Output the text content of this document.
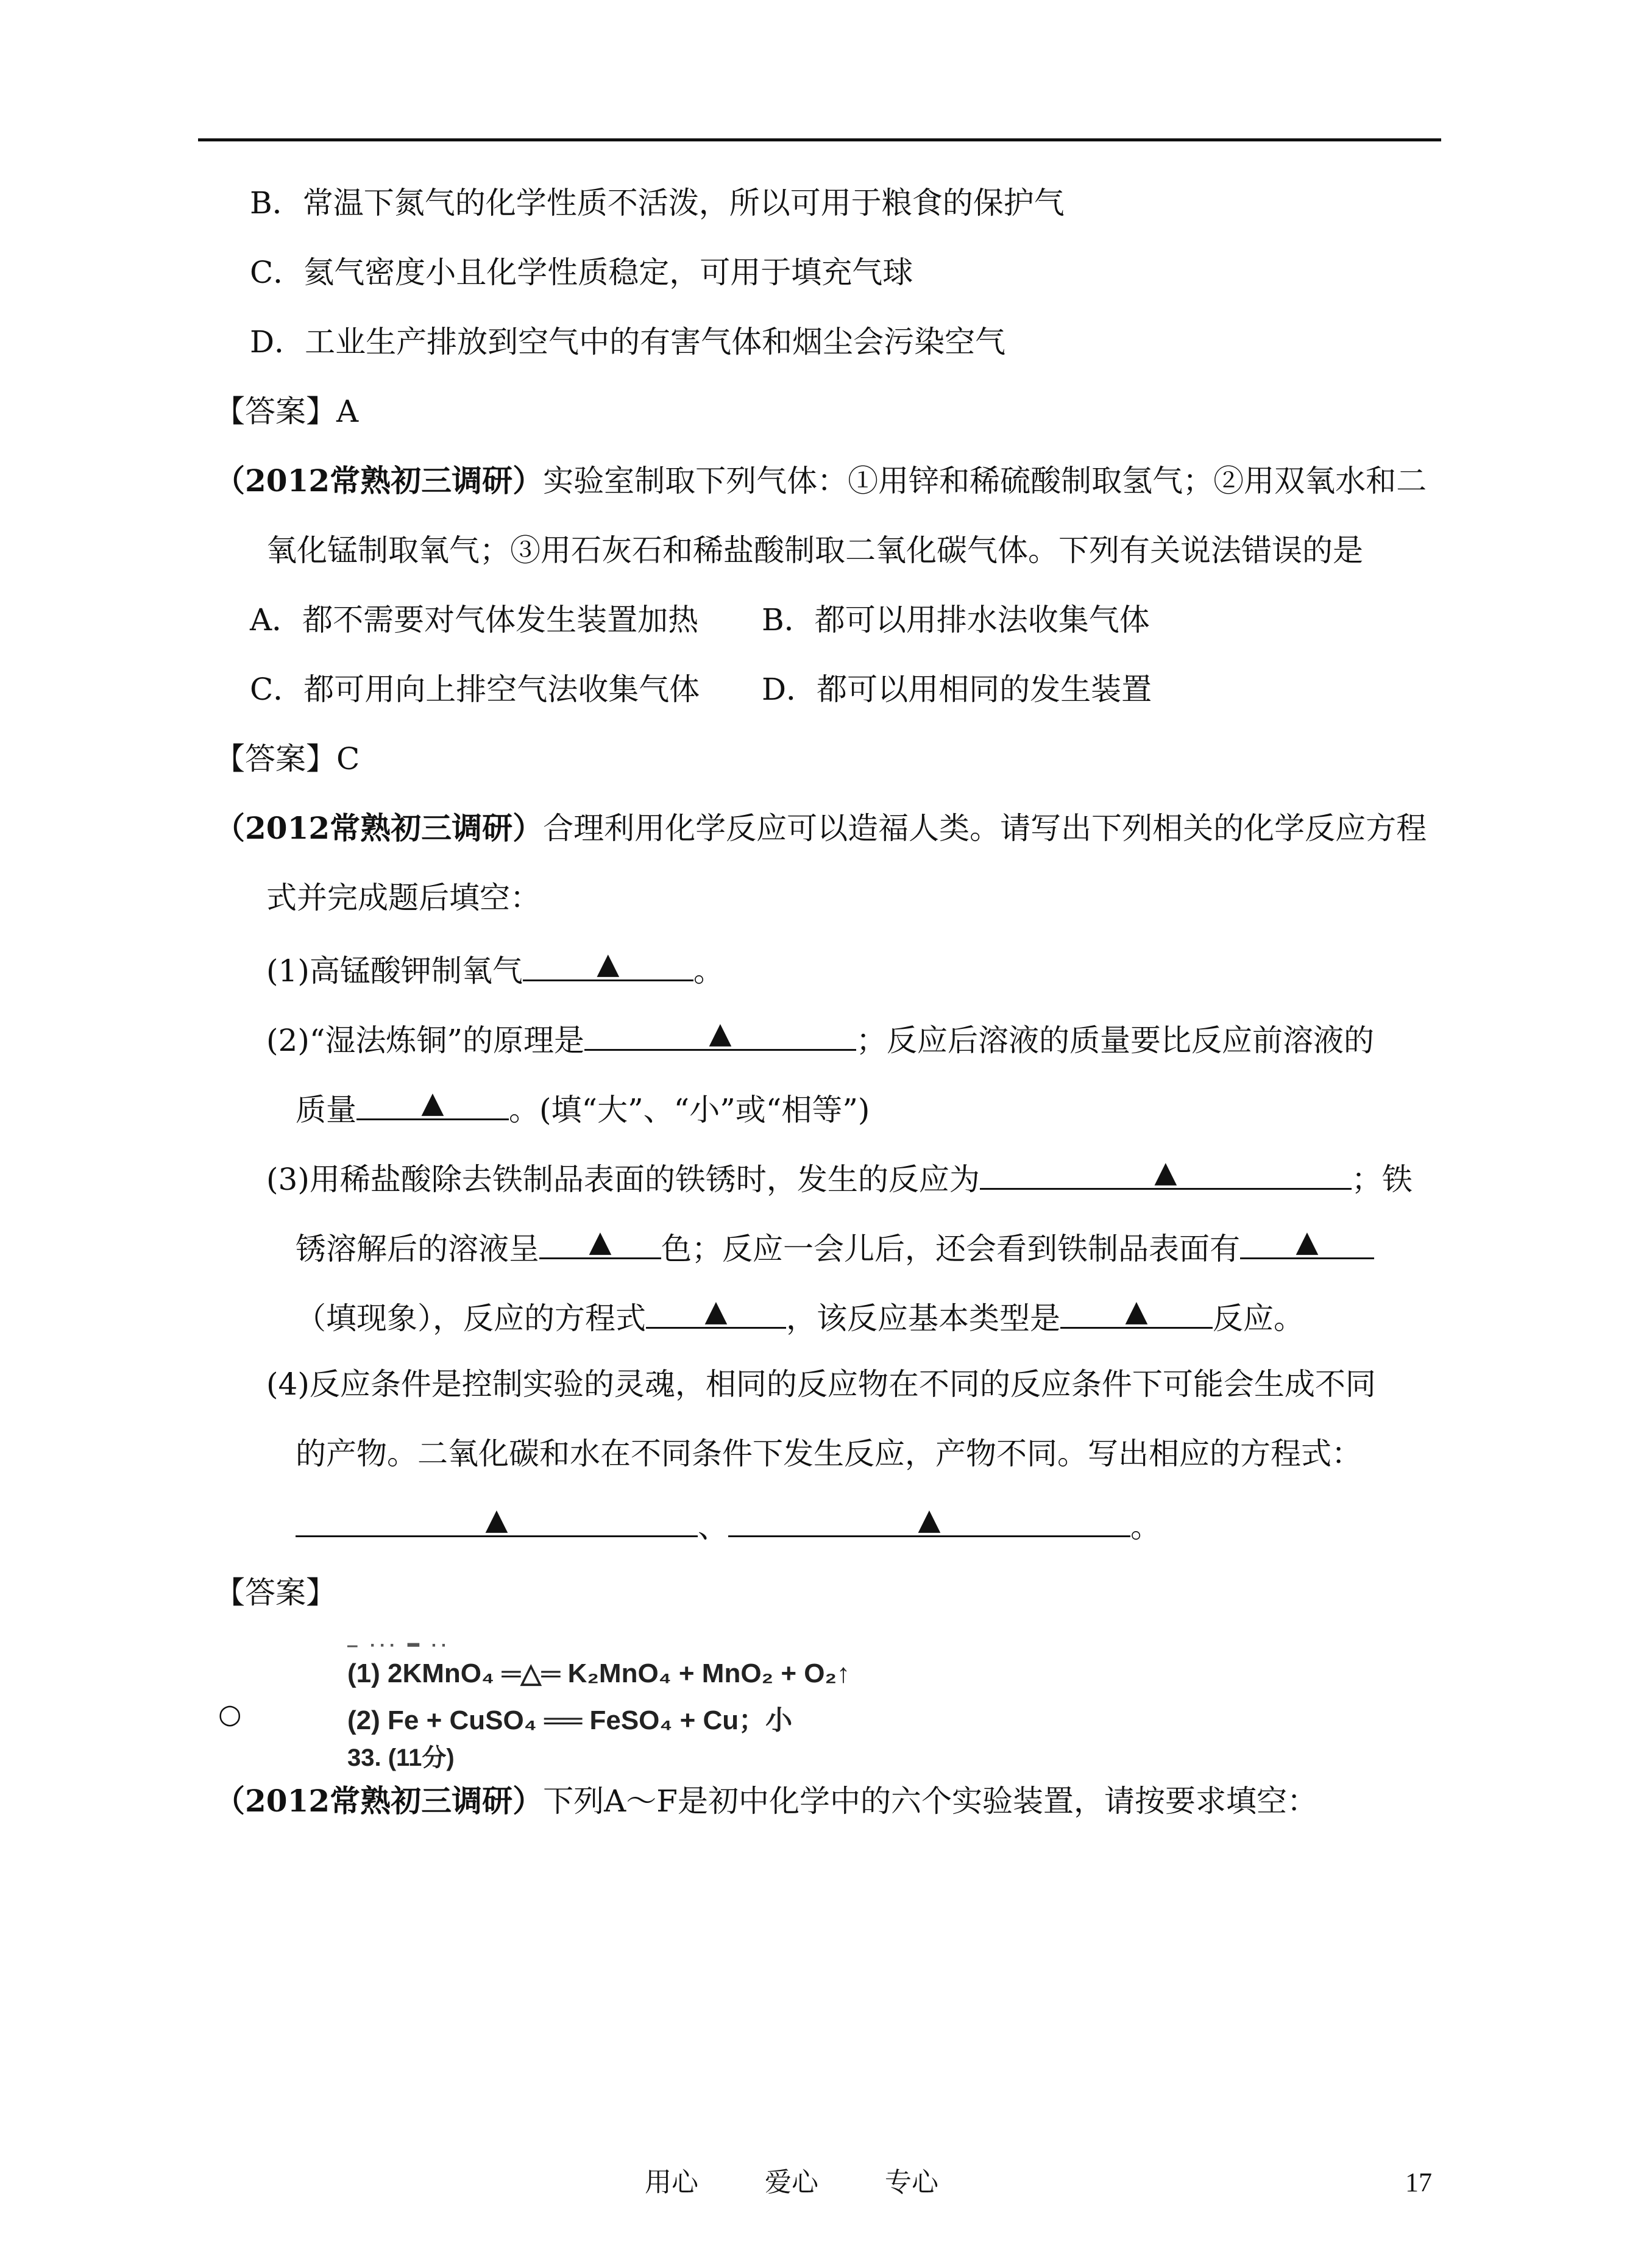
B．常温下氮气的化学性质不活泼，所以可用于粮食的保护气
C．氦气密度小且化学性质稳定，可用于填充气球
D．工业生产排放到空气中的有害气体和烟尘会污染空气
【答案】A
（2012常熟初三调研）实验室制取下列气体：①用锌和稀硫酸制取氢气；②用双氧水和二
氧化锰制取氧气；③用石灰石和稀盐酸制取二氧化碳气体。下列有关说法错误的是
A．都不需要对气体发生装置加热 B．都可以用排水法收集气体
C．都可用向上排空气法收集气体 D．都可以用相同的发生装置
【答案】C
（2012常熟初三调研）合理利用化学反应可以造福人类。请写出下列相关的化学反应方程
式并完成题后填空：
(1)高锰酸钾制氧气	▲	。
(2)“湿法炼铜”的原理是	▲	；反应后溶液的质量要比反应前溶液的
质量	▲	。(填“大”、“小”或“相等”)
(3)用稀盐酸除去铁制品表面的铁锈时，发生的反应为	▲	；铁
锈溶解后的溶液呈	▲	色；反应一会儿后，还会看到铁制品表面有	▲
（填现象），反应的方程式	▲	，该反应基本类型是	▲	反应。
(4)反应条件是控制实验的灵魂，相同的反应物在不同的反应条件下可能会生成不同
的产物。二氧化碳和水在不同条件下发生反应，产物不同。写出相应的方程式：
▲	、	▲	。
【答案】
○
‒ ··· ━ ··
(1) 2KMnO₄ ═△═ K₂MnO₄ + MnO₂ + O₂↑
(2) Fe + CuSO₄ ══ FeSO₄ + Cu；小
33. (11分)
（2012常熟初三调研）下列A～F是初中化学中的六个实验装置，请按要求填空：
用心 爱心 专心	17
